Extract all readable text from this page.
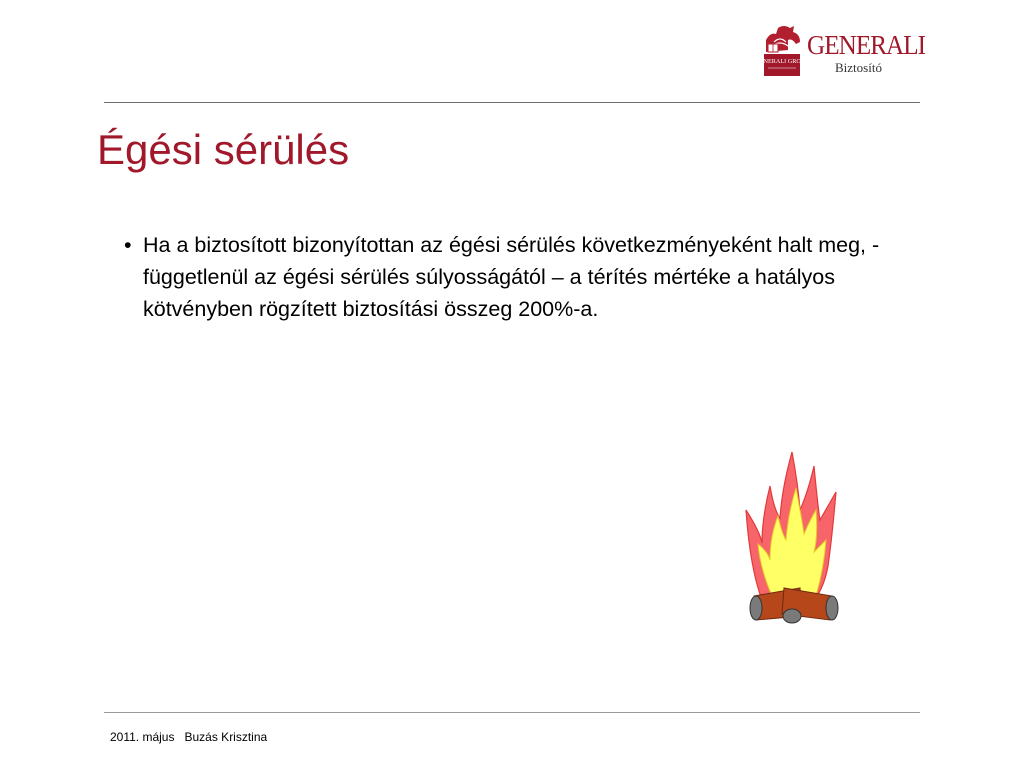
GENERALI GROUP
GENERALI
Biztosító
Égési sérülés
• Ha a biztosított bizonyítottan az égési sérülés következményeként halt meg, - függetlenül az égési sérülés súlyosságától – a térítés mértéke a hatályos kötvényben rögzített biztosítási összeg 200%-a.
2011. május Buzás Krisztina
